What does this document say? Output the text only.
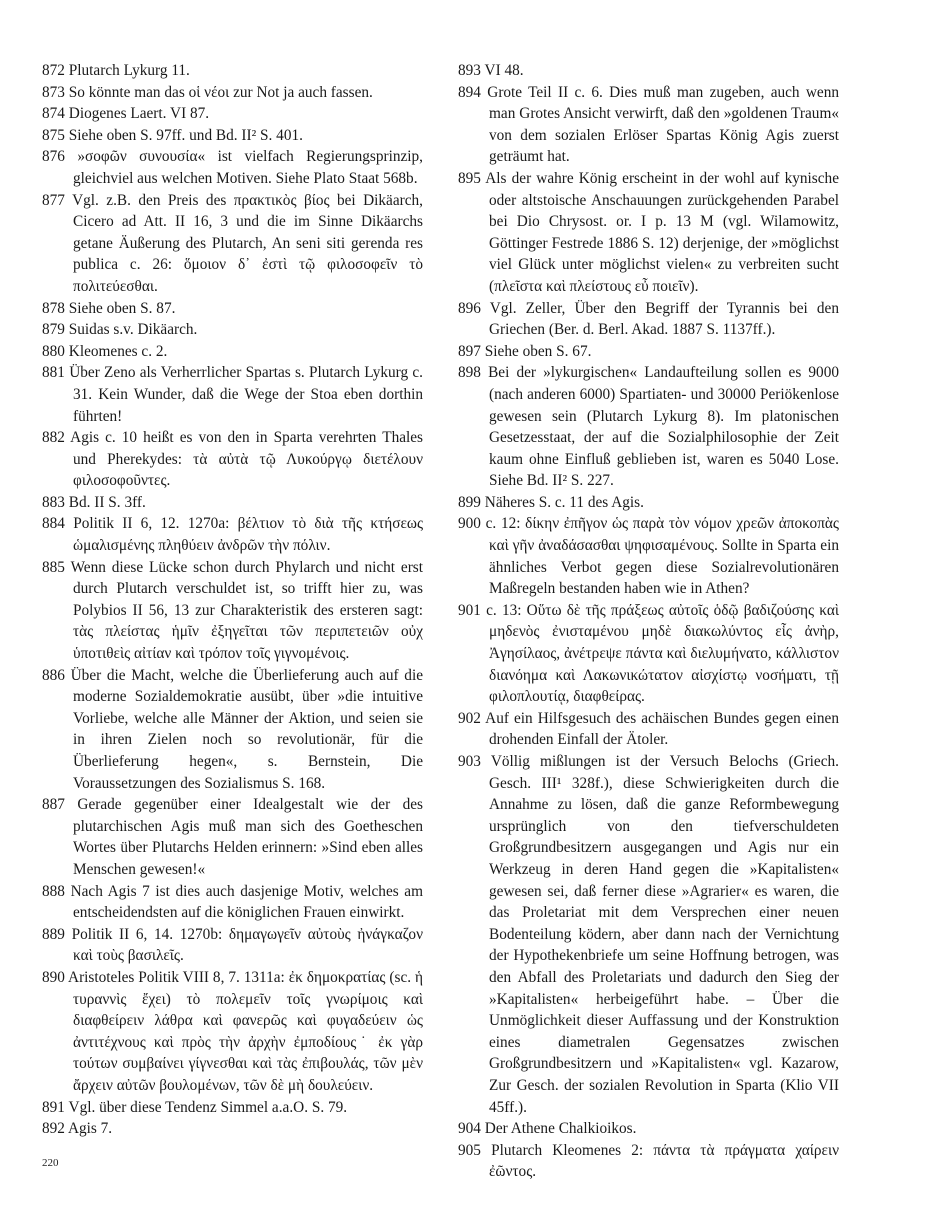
872 Plutarch Lykurg 11.

873 So könnte man das οἱ νέοι zur Not ja auch fassen.

874 Diogenes Laert. VI 87.

875 Siehe oben S. 97ff. und Bd. II² S. 401.

876 »σοφῶν συνουσία« ist vielfach Regierungsprinzip, gleichviel aus welchen Motiven. Siehe Plato Staat 568b.

877 Vgl. z.B. den Preis des πρακτικὸς βίος bei Dikäarch, Cicero ad Att. II 16, 3 und die im Sinne Dikäarchs getane Äußerung des Plutarch, An seni siti gerenda res publica c. 26: ὅμοιον δ᾽ ἐστὶ τῷ φιλοσοφεῖν τὸ πολιτεύεσθαι.

878 Siehe oben S. 87.

879 Suidas s.v. Dikäarch.

880 Kleomenes c. 2.

881 Über Zeno als Verherrlicher Spartas s. Plutarch Lykurg c. 31. Kein Wunder, daß die Wege der Stoa eben dorthin führten!

882 Agis c. 10 heißt es von den in Sparta verehrten Thales und Pherekydes: τὰ αὐτὰ τῷ Λυκούργῳ διετέλουν φιλοσοφοῦντες.

883 Bd. II S. 3ff.

884 Politik II 6, 12. 1270a: βέλτιον τὸ διὰ τῆς κτήσεως ὡμαλισμένης πληθύειν ἀνδρῶν τὴν πόλιν.

885 Wenn diese Lücke schon durch Phylarch und nicht erst durch Plutarch verschuldet ist, so trifft hier zu, was Polybios II 56, 13 zur Charakteristik des ersteren sagt: τὰς πλείστας ἡμῖν ἐξηγεῖται τῶν περιπετειῶν οὐχ ὑποτιθεὶς αἰτίαν καὶ τρόπον τοῖς γιγνομένοις.

886 Über die Macht, welche die Überlieferung auch auf die moderne Sozialdemokratie ausübt, über »die intuitive Vorliebe, welche alle Männer der Aktion, und seien sie in ihren Zielen noch so revolutionär, für die Überlieferung hegen«, s. Bernstein, Die Voraussetzungen des Sozialismus S. 168.

887 Gerade gegenüber einer Idealgestalt wie der des plutarchischen Agis muß man sich des Goetheschen Wortes über Plutarchs Helden erinnern: »Sind eben alles Menschen gewesen!«

888 Nach Agis 7 ist dies auch dasjenige Motiv, welches am entscheidendsten auf die königlichen Frauen einwirkt.

889 Politik II 6, 14. 1270b: δημαγωγεῖν αὐτοὺς ἠνάγκαζον καὶ τοὺς βασιλεῖς.

890 Aristoteles Politik VIII 8, 7. 1311a: ἐκ δημοκρατίας (sc. ἡ τυραννὶς ἔχει) τὸ πολεμεῖν τοῖς γνωρίμοις καὶ διαφθείρειν λάθρα καὶ φανερῶς καὶ φυγαδεύειν ὡς ἀντιτέχνους καὶ πρὸς τὴν ἀρχὴν ἐμποδίους˙ ἐκ γὰρ τούτων συμβαίνει γίγνεσθαι καὶ τὰς ἐπιβουλάς, τῶν μὲν ἄρχειν αὐτῶν βουλομένων, τῶν δὲ μὴ δουλεύειν.

891 Vgl. über diese Tendenz Simmel a.a.O. S. 79.

892 Agis 7.

893 VI 48.

894 Grote Teil II c. 6. Dies muß man zugeben, auch wenn man Grotes Ansicht verwirft, daß den »goldenen Traum« von dem sozialen Erlöser Spartas König Agis zuerst geträumt hat.

895 Als der wahre König erscheint in der wohl auf kynische oder altstoische Anschauungen zurückgehenden Parabel bei Dio Chrysost. or. I p. 13 M (vgl. Wilamowitz, Göttinger Festrede 1886 S. 12) derjenige, der »möglichst viel Glück unter möglichst vielen« zu verbreiten sucht (πλεῖστα καὶ πλείστους εὖ ποιεῖν).

896 Vgl. Zeller, Über den Begriff der Tyrannis bei den Griechen (Ber. d. Berl. Akad. 1887 S. 1137ff.).

897 Siehe oben S. 67.

898 Bei der »lykurgischen« Landaufteilung sollen es 9000 (nach anderen 6000) Spartiaten- und 30000 Periökenlose gewesen sein (Plutarch Lykurg 8). Im platonischen Gesetzesstaat, der auf die Sozialphilosophie der Zeit kaum ohne Einfluß geblieben ist, waren es 5040 Lose. Siehe Bd. II² S. 227.

899 Näheres S. c. 11 des Agis.

900 c. 12: δίκην ἐπῆγον ὡς παρὰ τὸν νόμον χρεῶν ἀποκοπὰς καὶ γῆν ἀναδάσασθαι ψηφισαμένους. Sollte in Sparta ein ähnliches Verbot gegen diese Sozialrevolutionären Maßregeln bestanden haben wie in Athen?

901 c. 13: Οὕτω δὲ τῆς πράξεως αὐτοῖς ὁδῷ βαδιζούσης καὶ μηδενὸς ἐνισταμένου μηδὲ διακωλύντος εἷς ἀνὴρ, Ἀγησίλαος, ἀνέτρεψε πάντα καὶ διελυμήνατο, κάλλιστον διανόημα καὶ Λακωνικώτατον αἰσχίστῳ νοσήματι, τῇ φιλοπλουτίᾳ, διαφθείρας.

902 Auf ein Hilfsgesuch des achäischen Bundes gegen einen drohenden Einfall der Ätoler.

903 Völlig mißlungen ist der Versuch Belochs (Griech. Gesch. III¹ 328f.), diese Schwierigkeiten durch die Annahme zu lösen, daß die ganze Reformbewegung ursprünglich von den tiefverschuldeten Großgrundbesitzern ausgegangen und Agis nur ein Werkzeug in deren Hand gegen die »Kapitalisten« gewesen sei, daß ferner diese »Agrarier« es waren, die das Proletariat mit dem Versprechen einer neuen Bodenteilung ködern, aber dann nach der Vernichtung der Hypothekenbriefe um seine Hoffnung betrogen, was den Abfall des Proletariats und dadurch den Sieg der »Kapitalisten« herbeigeführt habe. – Über die Unmöglichkeit dieser Auffassung und der Konstruktion eines diametralen Gegensatzes zwischen Großgrundbesitzern und »Kapitalisten« vgl. Kazarow, Zur Gesch. der sozialen Revolution in Sparta (Klio VII 45ff.).

904 Der Athene Chalkioikos.

905 Plutarch Kleomenes 2: πάντα τὰ πράγματα χαίρειν ἐῶντος.

220
